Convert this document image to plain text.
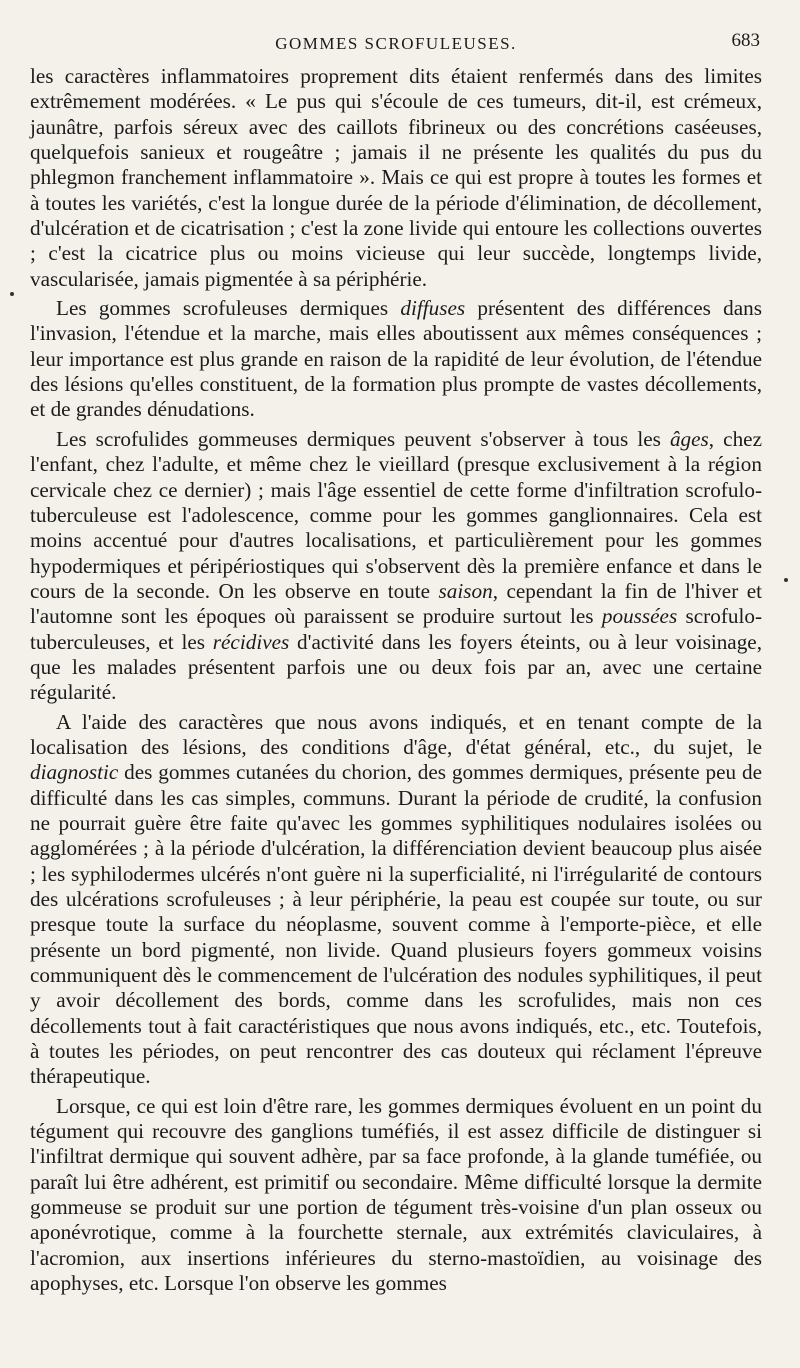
GOMMES SCROFULEUSES.	683

les caractères inflammatoires proprement dits étaient renfermés dans des limites extrêmement modérées. « Le pus qui s'écoule de ces tumeurs, dit-il, est crémeux, jaunâtre, parfois séreux avec des caillots fibrineux ou des concrétions caséeuses, quelquefois sanieux et rougeâtre ; jamais il ne présente les qualités du pus du phlegmon franchement inflammatoire ». Mais ce qui est propre à toutes les formes et à toutes les variétés, c'est la longue durée de la période d'élimination, de décollement, d'ulcération et de cicatrisation ; c'est la zone livide qui entoure les collections ouvertes ; c'est la cicatrice plus ou moins vicieuse qui leur succède, longtemps livide, vascularisée, jamais pigmentée à sa périphérie.

Les gommes scrofuleuses dermiques diffuses présentent des différences dans l'invasion, l'étendue et la marche, mais elles aboutissent aux mêmes conséquences ; leur importance est plus grande en raison de la rapidité de leur évolution, de l'étendue des lésions qu'elles constituent, de la formation plus prompte de vastes décollements, et de grandes dénudations.

Les scrofulides gommeuses dermiques peuvent s'observer à tous les âges, chez l'enfant, chez l'adulte, et même chez le vieillard (presque exclusivement à la région cervicale chez ce dernier) ; mais l'âge essentiel de cette forme d'infiltration scrofulo-tuberculeuse est l'adolescence, comme pour les gommes ganglionnaires. Cela est moins accentué pour d'autres localisations, et particulièrement pour les gommes hypodermiques et péripériostiques qui s'observent dès la première enfance et dans le cours de la seconde. On les observe en toute saison, cependant la fin de l'hiver et l'automne sont les époques où paraissent se produire surtout les poussées scrofulo-tuberculeuses, et les récidives d'activité dans les foyers éteints, ou à leur voisinage, que les malades présentent parfois une ou deux fois par an, avec une certaine régularité.

A l'aide des caractères que nous avons indiqués, et en tenant compte de la localisation des lésions, des conditions d'âge, d'état général, etc., du sujet, le diagnostic des gommes cutanées du chorion, des gommes dermiques, présente peu de difficulté dans les cas simples, communs. Durant la période de crudité, la confusion ne pourrait guère être faite qu'avec les gommes syphilitiques nodulaires isolées ou agglomérées ; à la période d'ulcération, la différenciation devient beaucoup plus aisée ; les syphilodermes ulcérés n'ont guère ni la superficialité, ni l'irrégularité de contours des ulcérations scrofuleuses ; à leur périphérie, la peau est coupée sur toute, ou sur presque toute la surface du néoplasme, souvent comme à l'emporte-pièce, et elle présente un bord pigmenté, non livide. Quand plusieurs foyers gommeux voisins communiquent dès le commencement de l'ulcération des nodules syphilitiques, il peut y avoir décollement des bords, comme dans les scrofulides, mais non ces décollements tout à fait caractéristiques que nous avons indiqués, etc., etc. Toutefois, à toutes les périodes, on peut rencontrer des cas douteux qui réclament l'épreuve thérapeutique.

Lorsque, ce qui est loin d'être rare, les gommes dermiques évoluent en un point du tégument qui recouvre des ganglions tuméfiés, il est assez difficile de distinguer si l'infiltrat dermique qui souvent adhère, par sa face profonde, à la glande tuméfiée, ou paraît lui être adhérent, est primitif ou secondaire. Même difficulté lorsque la dermite gommeuse se produit sur une portion de tégument très-voisine d'un plan osseux ou aponévrotique, comme à la fourchette sternale, aux extrémités claviculaires, à l'acromion, aux insertions inférieures du sterno-mastoïdien, au voisinage des apophyses, etc. Lorsque l'on observe les gommes
